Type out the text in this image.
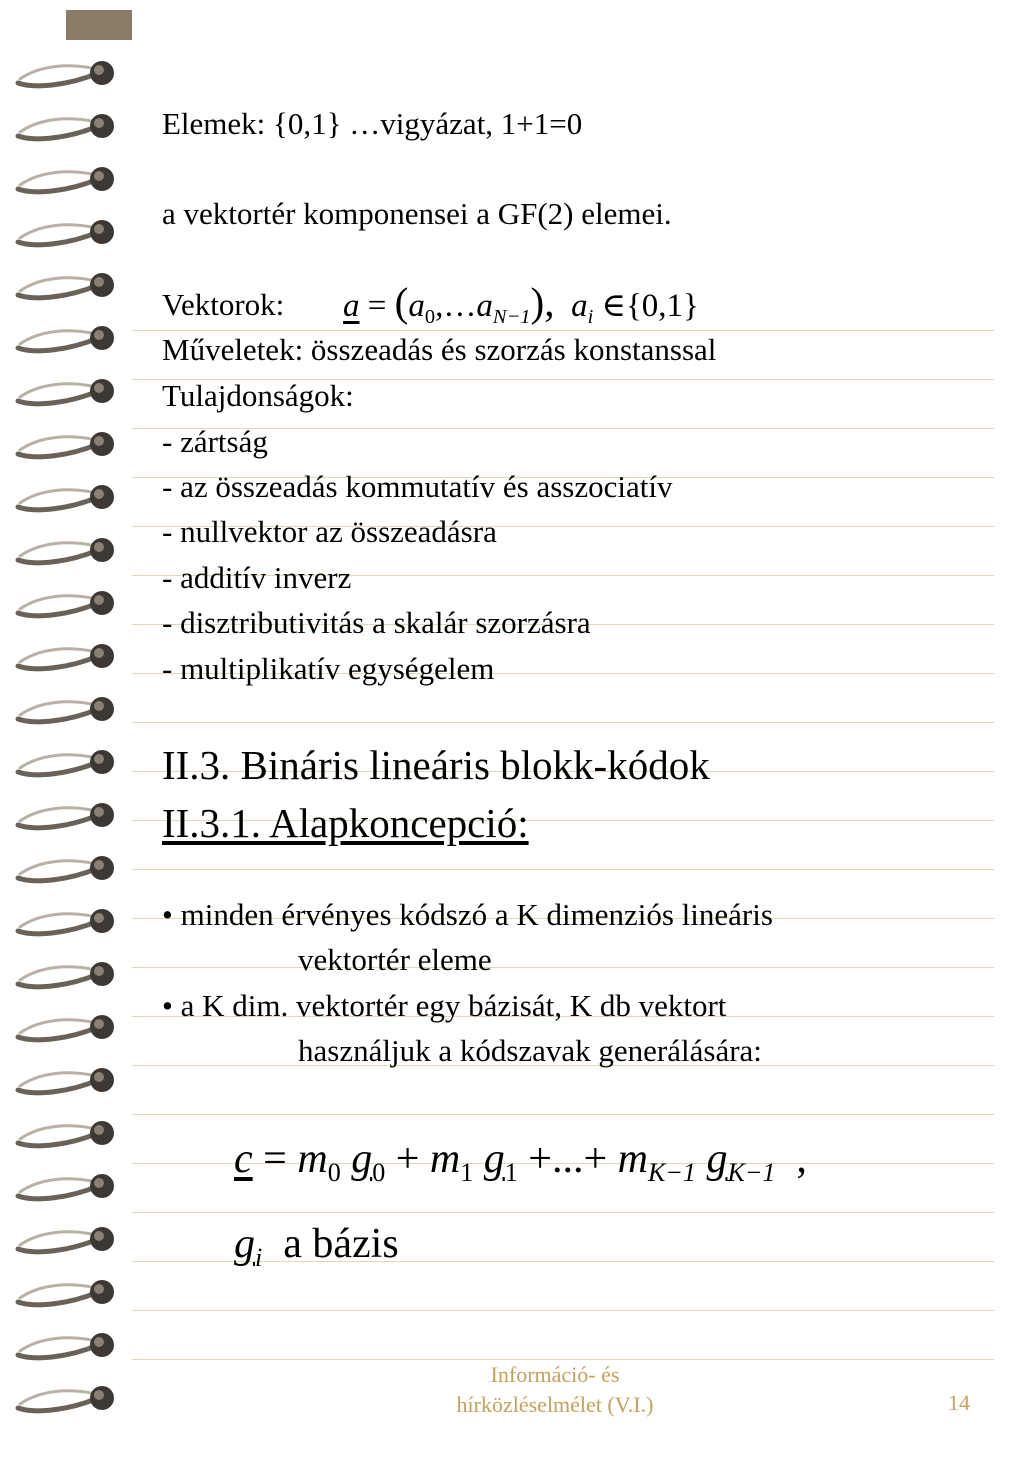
Elemek: {0,1} …vigyázat, 1+1=0
a vektortér komponensei a GF(2) elemei.
Vektorok: $a = (a_0,\dots a_{N-1})$, $a_i$ ∈{0,1}
Műveletek: összeadás és szorzás konstanssal
Tulajdonságok:
- zártság
- az összeadás kommutatív és asszociatív
- nullvektor az összeadásra
- additív inverz
- disztributivitás a skalár szorzásra
- multiplikatív egységelem
II.3. Bináris lineáris blokk-kódok
II.3.1. Alapkoncepció:
• minden érvényes kódszó a K dimenziós lineáris
vektortér eleme
• a K dim. vektortér egy bázisát, K db vektort
használjuk a kódszavak generálására:
$c = m_0$ $g_0 + m_1$ $g_1$ +...+ $m_{K-1}$ $g_{K-1}$ ,
$g_i$ a bázis
Információ- és
hírközléselmélet (V.I.)	14
